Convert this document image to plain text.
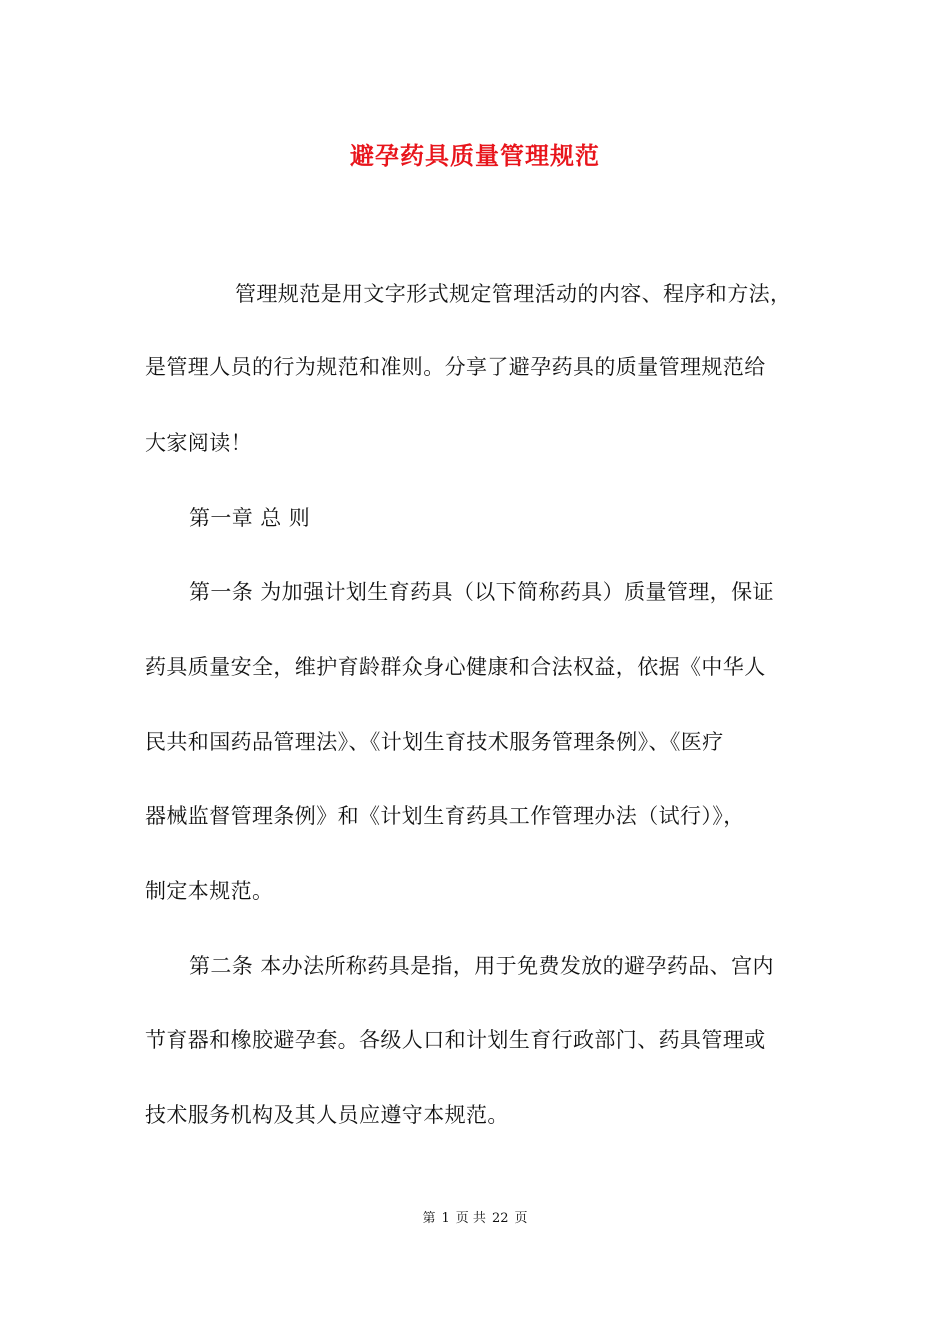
避孕药具质量管理规范
管理规范是用文字形式规定管理活动的内容、程序和方法，
是管理人员的行为规范和准则。分享了避孕药具的质量管理规范给
大家阅读！
第一章 总 则
第一条 为加强计划生育药具（以下简称药具）质量管理，保证
药具质量安全，维护育龄群众身心健康和合法权益，依据《中华人
民共和国药品管理法》、《计划生育技术服务管理条例》、《医疗
器械监督管理条例》和《计划生育药具工作管理办法（试行）》，
制定本规范。
第二条 本办法所称药具是指，用于免费发放的避孕药品、宫内
节育器和橡胶避孕套。各级人口和计划生育行政部门、药具管理或
技术服务机构及其人员应遵守本规范。
第 1 页 共 22 页
